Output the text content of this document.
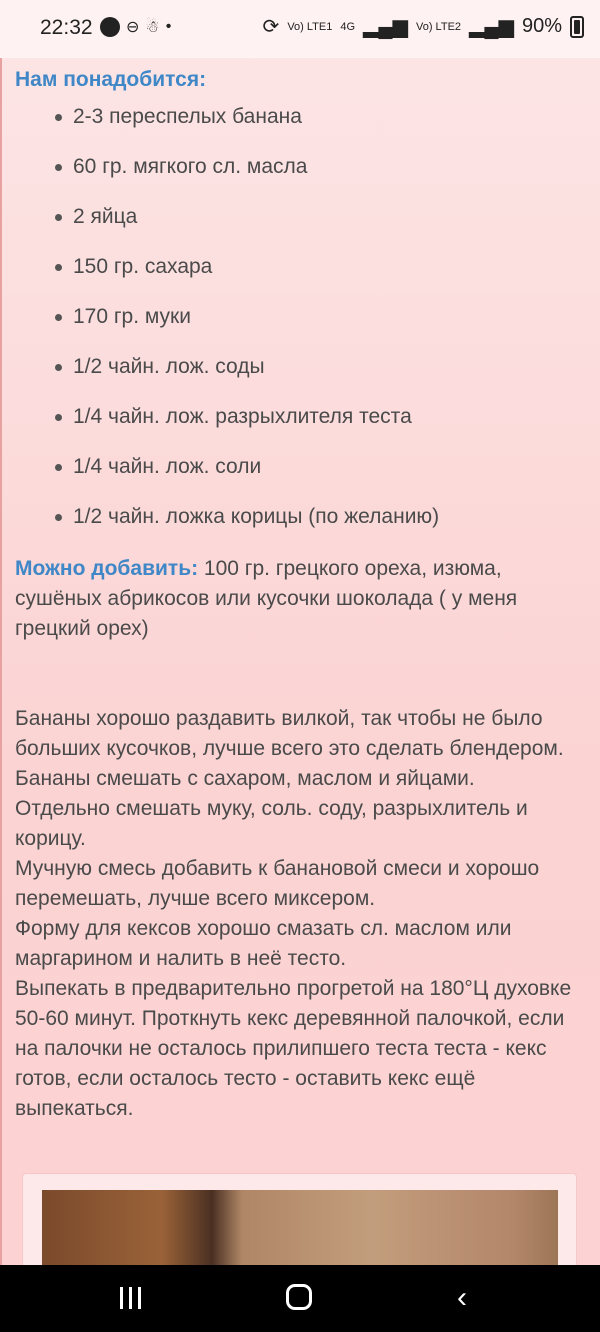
22:32 ⊖ ☃ •	⟳ Vo) LTE1 4G ▂▄▆ Vo) LTE2 ▂▄▆ 90%
Нам понадобится:
2-3 переспелых банана
60 гр. мягкого сл. масла
2 яйца
150 гр. сахара
170 гр. муки
1/2 чайн. лож. соды
1/4 чайн. лож. разрыхлителя теста
1/4 чайн. лож. соли
1/2 чайн. ложка корицы (по желанию)
Можно добавить: 100 гр. грецкого ореха, изюма, сушёных абрикосов или кусочки шоколада ( у меня грецкий орех)
Бананы хорошо раздавить вилкой, так чтобы не было больших кусочков, лучше всего это сделать блендером.
Бананы смешать с сахаром, маслом и яйцами.
Отдельно смешать муку, соль. соду, разрыхлитель и корицу.
Мучную смесь добавить к банановой смеси и хорошо перемешать, лучше всего миксером.
Форму для кексов хорошо смазать сл. маслом или маргарином и налить в неё тесто.
Выпекать в предварительно прогретой на 180°Ц духовке 50-60 минут. Проткнуть кекс деревянной палочкой, если на палочки не осталось прилипшего теста теста - кекс готов, если осталось тесто - оставить кекс ещё выпекаться.
‹
